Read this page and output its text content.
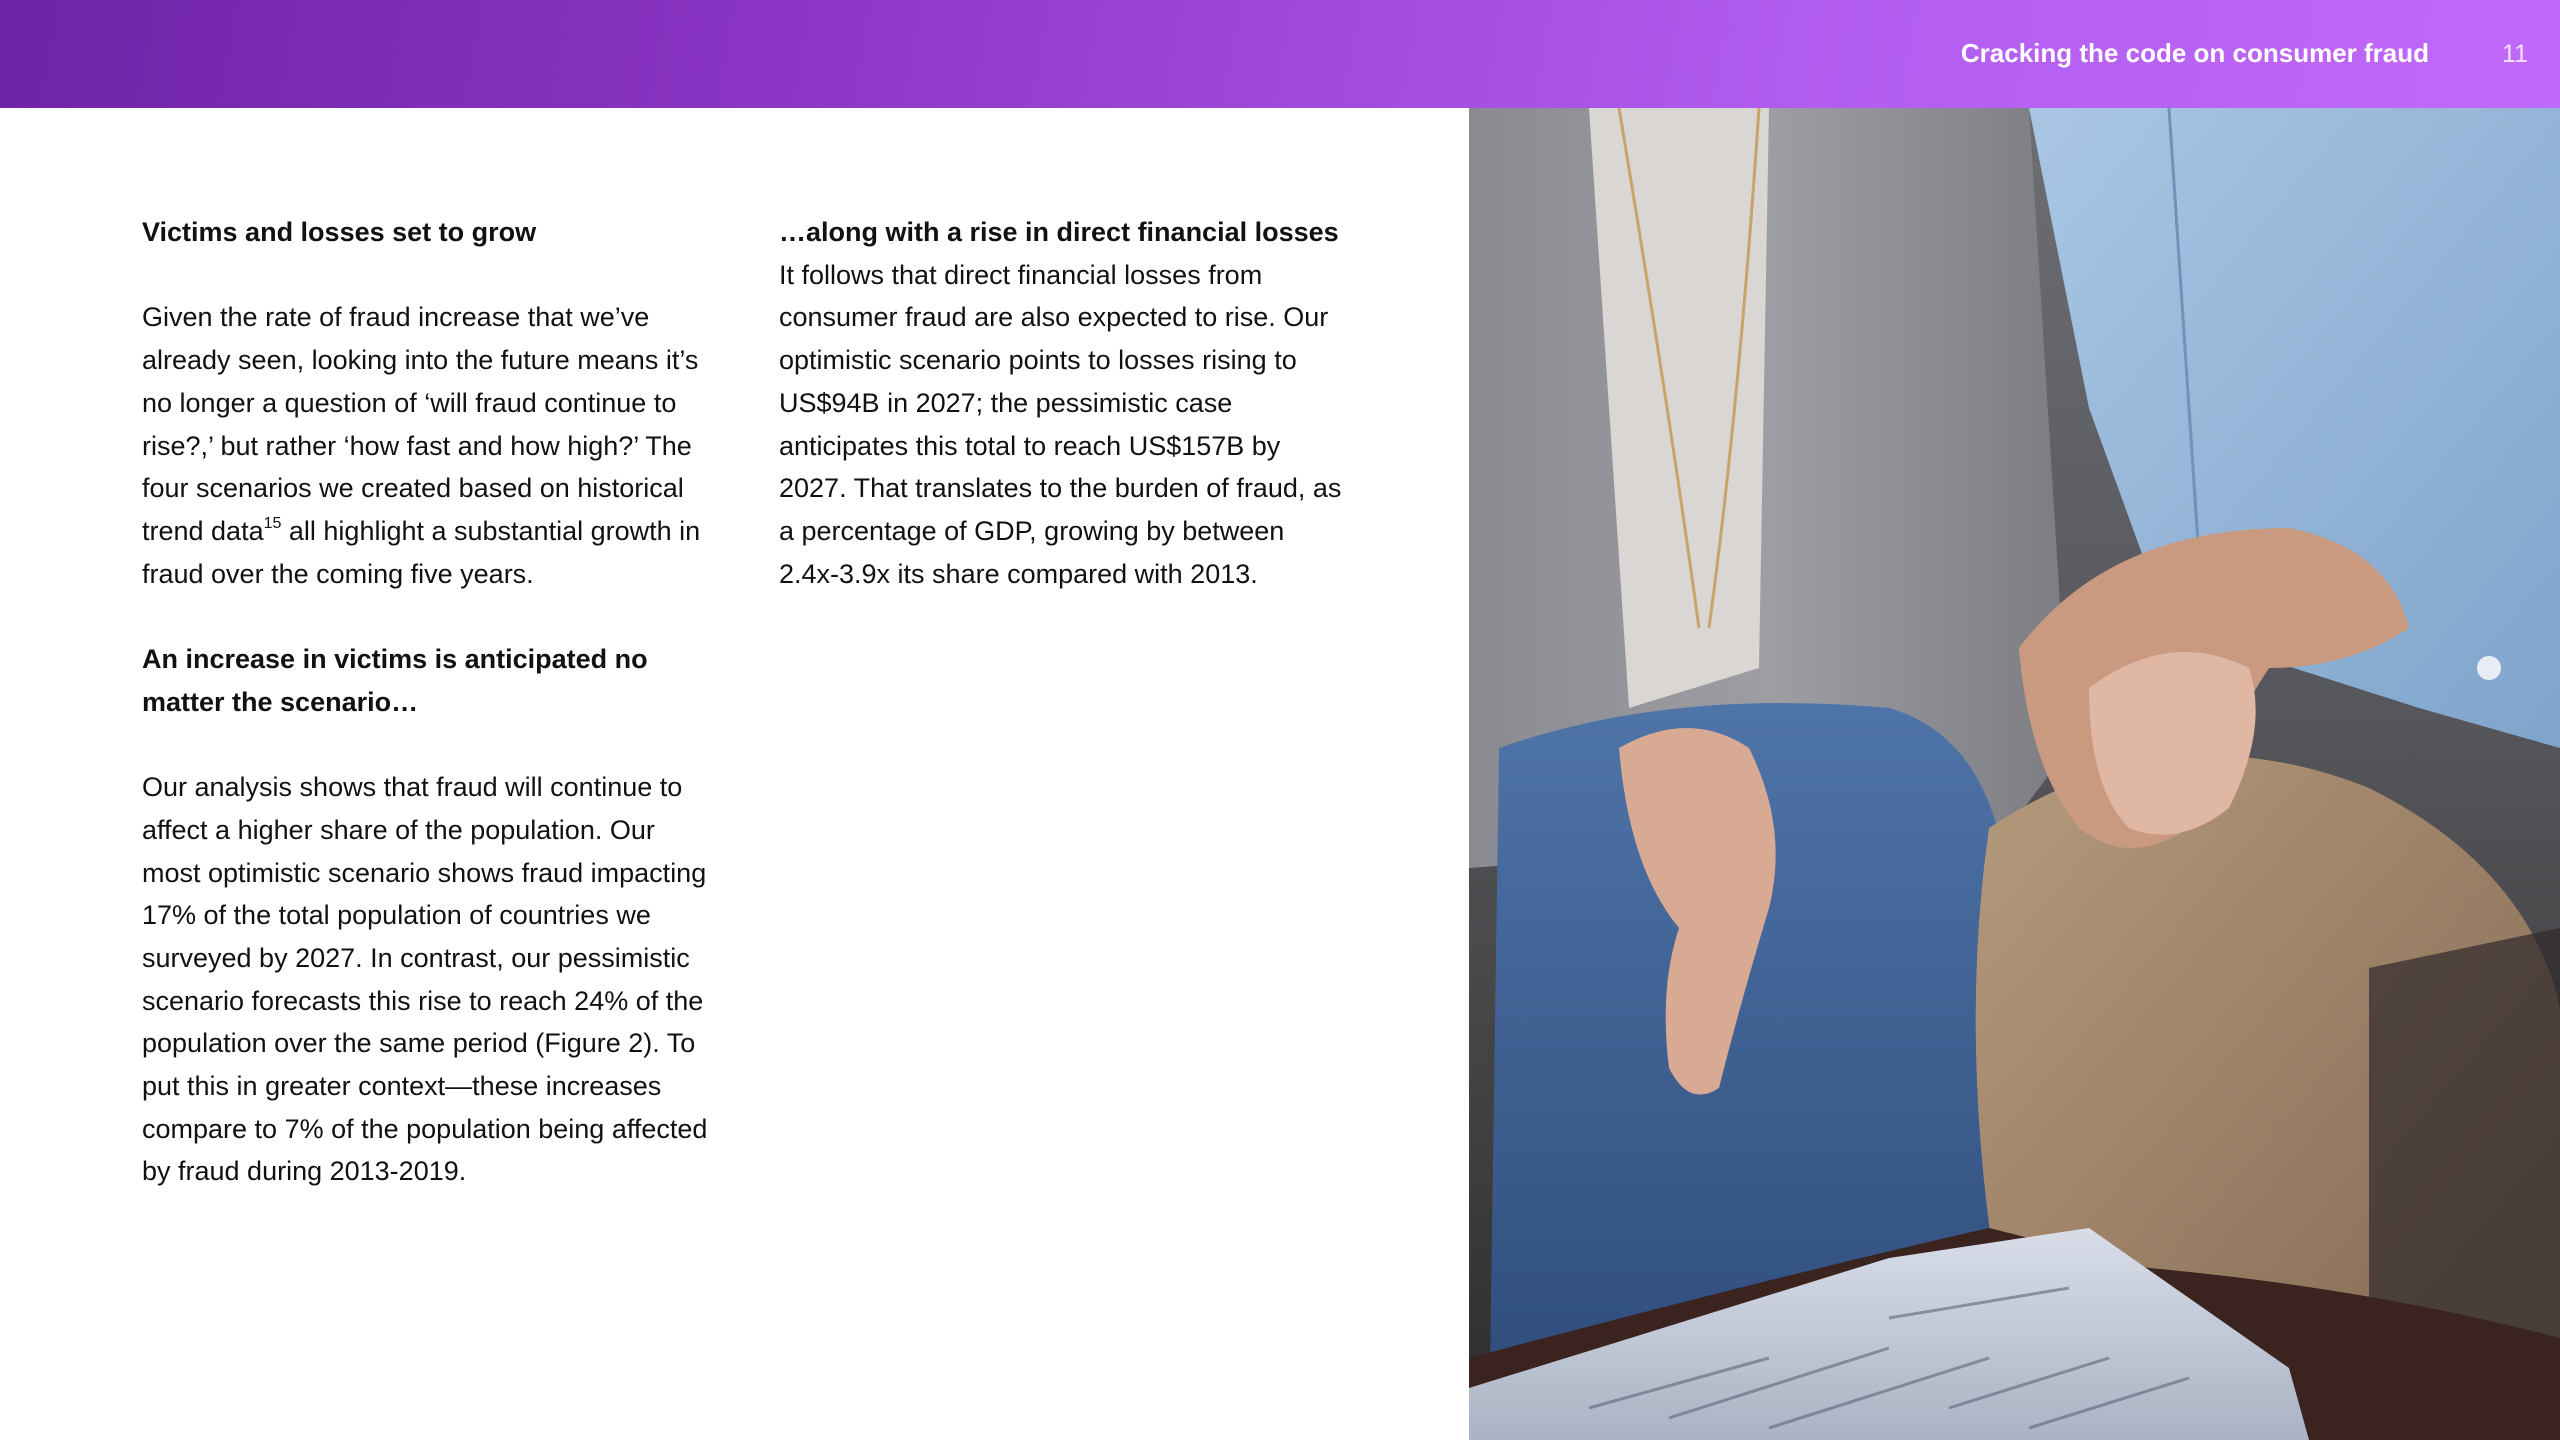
Cracking the code on consumer fraud	11

Victims and losses set to grow

Given the rate of fraud increase that we’ve already seen, looking into the future means it’s no longer a question of ‘will fraud continue to rise?,’ but rather ‘how fast and how high?’ The four scenarios we created based on historical trend data$^{15}$ all highlight a substantial growth in fraud over the coming five years.

An increase in victims is anticipated no matter the scenario…

Our analysis shows that fraud will continue to affect a higher share of the population. Our most optimistic scenario shows fraud impacting 17% of the total population of countries we surveyed by 2027. In contrast, our pessimistic scenario forecasts this rise to reach 24% of the population over the same period (Figure 2). To put this in greater context—these increases compare to 7% of the population being affected by fraud during 2013-2019.

…along with a rise in direct financial losses

It follows that direct financial losses from consumer fraud are also expected to rise. Our optimistic scenario points to losses rising to US$94B in 2027; the pessimistic case anticipates this total to reach US$157B by 2027. That translates to the burden of fraud, as a percentage of GDP, growing by between 2.4x-3.9x its share compared with 2013.
